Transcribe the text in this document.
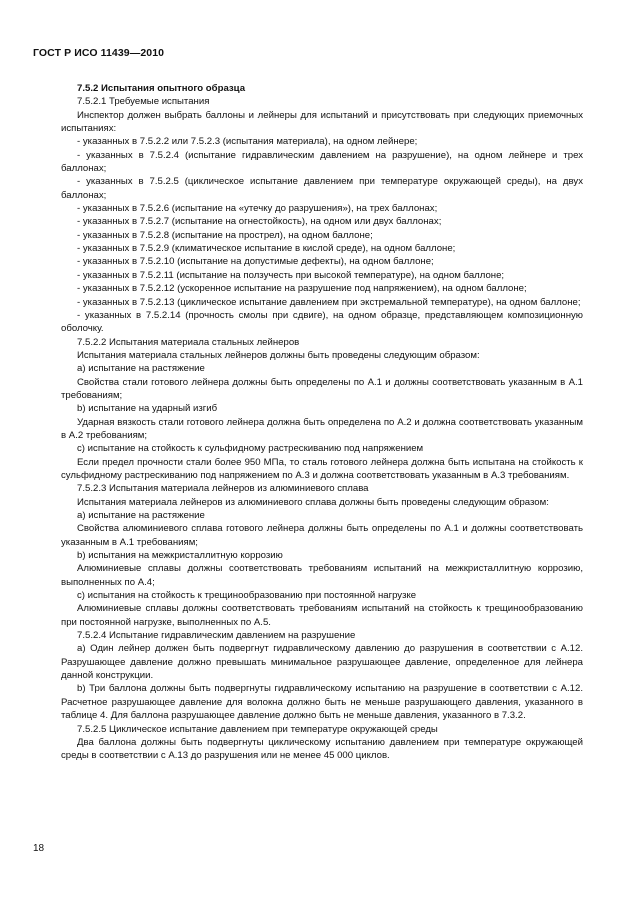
ГОСТ Р ИСО 11439—2010

7.5.2 Испытания опытного образца

7.5.2.1 Требуемые испытания

Инспектор должен выбрать баллоны и лейнеры для испытаний и присутствовать при следующих приемочных испытаниях:

- указанных в 7.5.2.2 или 7.5.2.3 (испытания материала), на одном лейнере;

- указанных в 7.5.2.4 (испытание гидравлическим давлением на разрушение), на одном лейнере и трех баллонах;

- указанных в 7.5.2.5 (циклическое испытание давлением при температуре окружающей среды), на двух баллонах;

- указанных в 7.5.2.6 (испытание на «утечку до разрушения»), на трех баллонах;

- указанных в 7.5.2.7 (испытание на огнестойкость), на одном или двух баллонах;

- указанных в 7.5.2.8 (испытание на прострел), на одном баллоне;

- указанных в 7.5.2.9 (климатическое испытание в кислой среде), на одном баллоне;

- указанных в 7.5.2.10 (испытание на допустимые дефекты), на одном баллоне;

- указанных в 7.5.2.11 (испытание на ползучесть при высокой температуре), на одном баллоне;

- указанных в 7.5.2.12 (ускоренное испытание на разрушение под напряжением), на одном баллоне;

- указанных в 7.5.2.13 (циклическое испытание давлением при экстремальной температуре), на одном баллоне;

- указанных в 7.5.2.14 (прочность смолы при сдвиге), на одном образце, представляющем композиционную оболочку.

7.5.2.2 Испытания материала стальных лейнеров

Испытания материала стальных лейнеров должны быть проведены следующим образом:

a) испытание на растяжение

Свойства стали готового лейнера должны быть определены по А.1 и должны соответствовать указанным в А.1 требованиям;

b) испытание на ударный изгиб

Ударная вязкость стали готового лейнера должна быть определена по А.2 и должна соответствовать указанным в А.2 требованиям;

c) испытание на стойкость к сульфидному растрескиванию под напряжением

Если предел прочности стали более 950 МПа, то сталь готового лейнера должна быть испытана на стойкость к сульфидному растрескиванию под напряжением по А.3 и должна соответствовать указанным в А.3 требованиям.

7.5.2.3 Испытания материала лейнеров из алюминиевого сплава

Испытания материала лейнеров из алюминиевого сплава должны быть проведены следующим образом:

a) испытание на растяжение

Свойства алюминиевого сплава готового лейнера должны быть определены по А.1 и должны соответствовать указанным в А.1 требованиям;

b) испытания на межкристаллитную коррозию

Алюминиевые сплавы должны соответствовать требованиям испытаний на межкристаллитную коррозию, выполненных по А.4;

c) испытания на стойкость к трещинообразованию при постоянной нагрузке

Алюминиевые сплавы должны соответствовать требованиям испытаний на стойкость к трещинообразованию при постоянной нагрузке, выполненных по А.5.

7.5.2.4 Испытание гидравлическим давлением на разрушение

a) Один лейнер должен быть подвергнут гидравлическому давлению до разрушения в соответствии с А.12. Разрушающее давление должно превышать минимальное разрушающее давление, определенное для лейнера данной конструкции.

b) Три баллона должны быть подвергнуты гидравлическому испытанию на разрушение в соответствии с А.12. Расчетное разрушающее давление для волокна должно быть не меньше разрушающего давления, указанного в таблице 4. Для баллона разрушающее давление должно быть не меньше давления, указанного в 7.3.2.

7.5.2.5 Циклическое испытание давлением при температуре окружающей среды

Два баллона должны быть подвергнуты циклическому испытанию давлением при температуре окружающей среды в соответствии с А.13 до разрушения или не менее 45 000 циклов.

18
